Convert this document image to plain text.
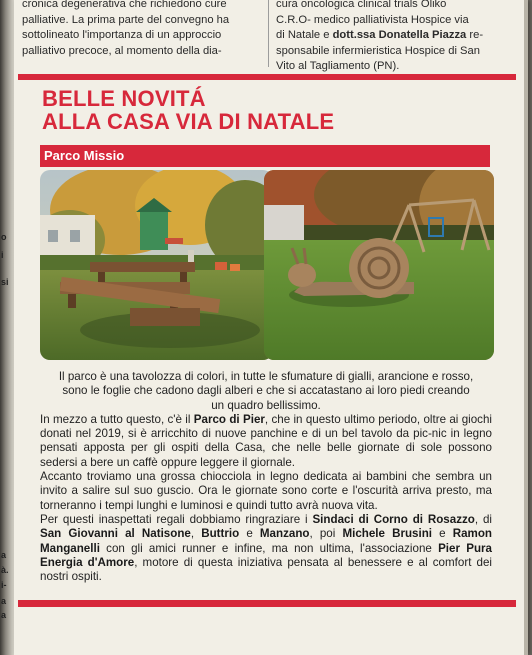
o
i
si
a
à.
i-
a
a
cronica degenerativa che richiedono cure
palliative. La prima parte del convegno ha
sottolineato l'importanza di un approccio
palliativo precoce, al momento della dia-
cura oncologica clinical trials Oliko
C.R.O- medico palliativista Hospice via
di Natale e dott.ssa Donatella Piazza re-
sponsabile infermieristica Hospice di San
Vito al Tagliamento (PN).
BELLE NOVITÁ
ALLA CASA VIA DI NATALE
Parco Missio

Il parco è una tavolozza di colori, in tutte le sfumature di gialli, arancione e rosso,
sono le foglie che cadono dagli alberi e che si accatastano ai loro piedi creando
un quadro bellissimo.

In mezzo a tutto questo, c'è il Parco di Pier, che in questo ultimo periodo, oltre ai giochi donati nel 2019, si è arricchito di nuove panchine e di un bel tavolo da pic-nic in legno pensati apposta per gli ospiti della Casa, che nelle belle giornate di sole possono sedersi a bere un caffè oppure leggere il giornale.

Accanto troviamo una grossa chiocciola in legno dedicata ai bambini che sembra un invito a salire sul suo guscio. Ora le giornate sono corte e l'oscurità arriva presto, ma torneranno i tempi lunghi e luminosi e quindi tutto avrà nuova vita.

Per questi inaspettati regali dobbiamo ringraziare i Sindaci di Corno di Rosazzo, di San Giovanni al Natisone, Buttrio e Manzano, poi Michele Brusini e Ramon Manganelli con gli amici runner e infine, ma non ultima, l'associazione Pier Pura Energia d'Amore, motore di questa iniziativa pensata al benessere e al comfort dei nostri ospiti.
